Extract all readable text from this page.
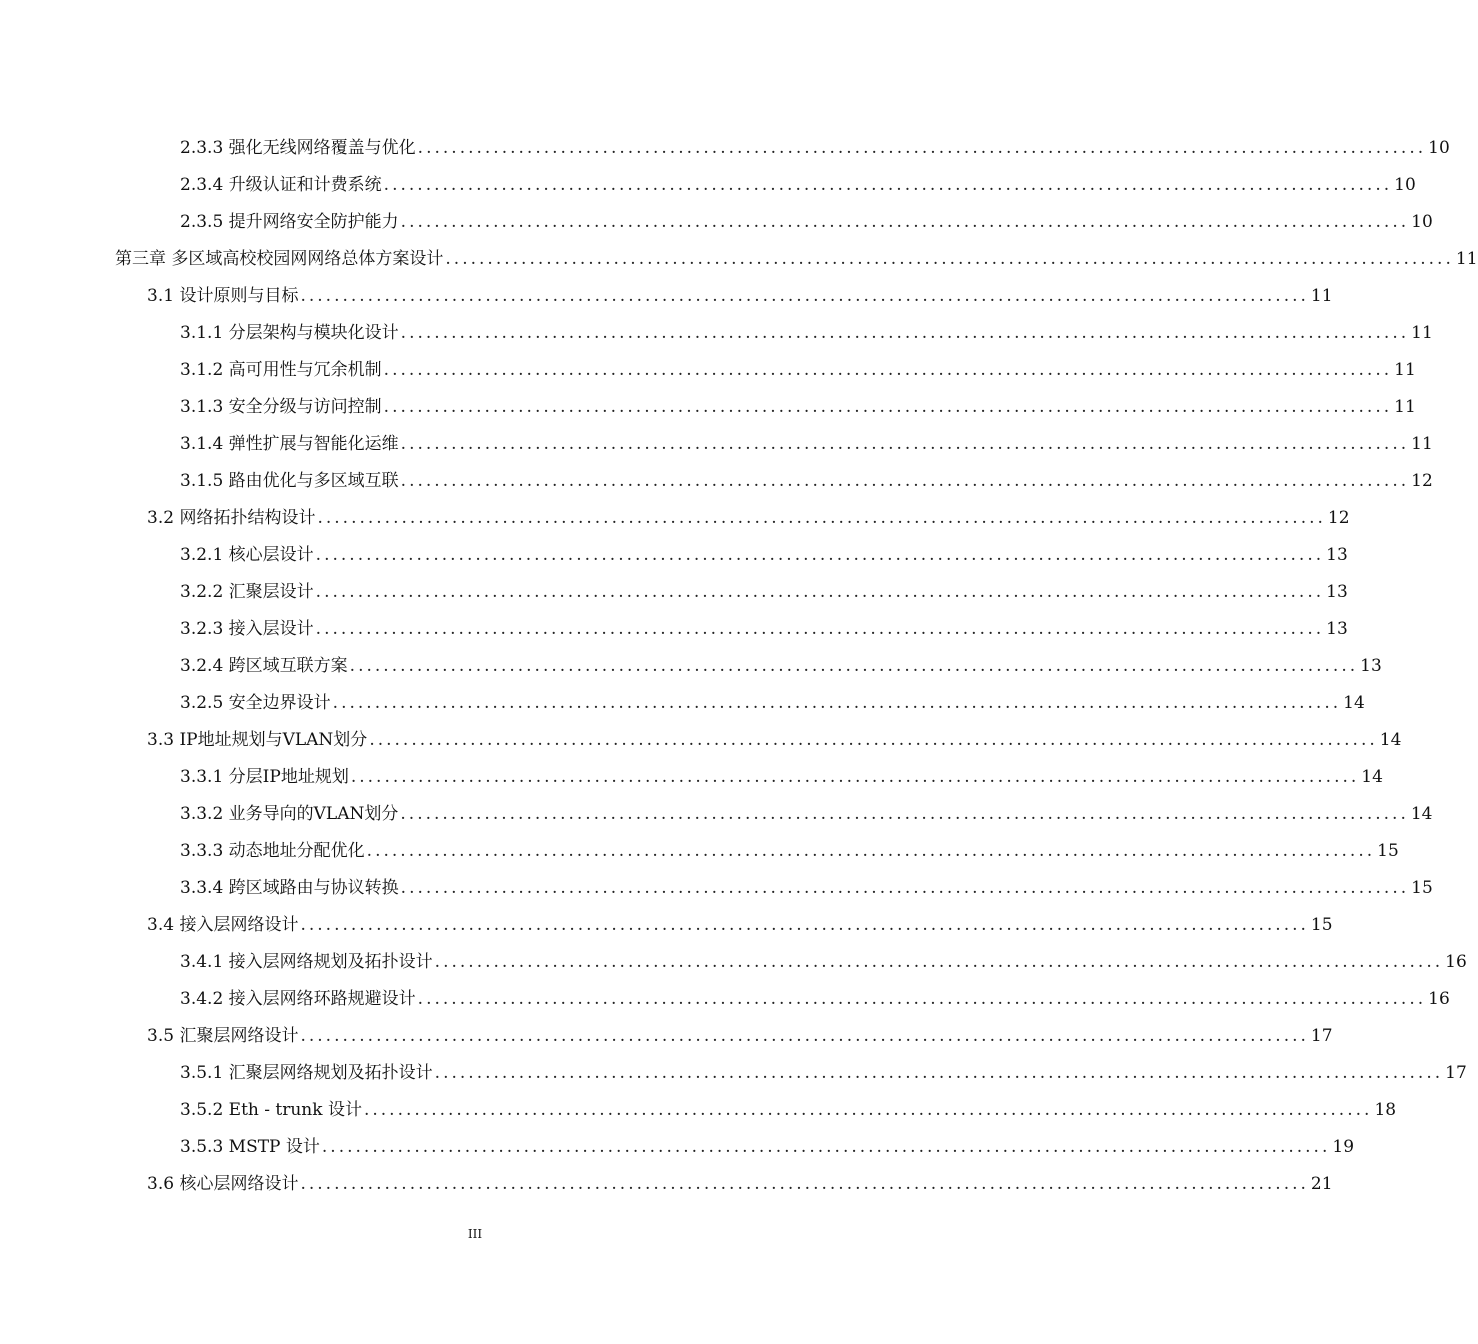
2.3.3 强化无线网络覆盖与优化 ........................................................................................................................ 10
2.3.4 升级认证和计费系统 ........................................................................................................................ 10
2.3.5 提升网络安全防护能力 ........................................................................................................................ 10
第三章 多区域高校校园网网络总体方案设计 ........................................................................................................................ 11
3.1 设计原则与目标 ........................................................................................................................ 11
3.1.1 分层架构与模块化设计 ........................................................................................................................ 11
3.1.2 高可用性与冗余机制 ........................................................................................................................ 11
3.1.3 安全分级与访问控制 ........................................................................................................................ 11
3.1.4 弹性扩展与智能化运维 ........................................................................................................................ 11
3.1.5 路由优化与多区域互联 ........................................................................................................................ 12
3.2 网络拓扑结构设计 ........................................................................................................................ 12
3.2.1 核心层设计 ........................................................................................................................ 13
3.2.2 汇聚层设计 ........................................................................................................................ 13
3.2.3 接入层设计 ........................................................................................................................ 13
3.2.4 跨区域互联方案 ........................................................................................................................ 13
3.2.5 安全边界设计 ........................................................................................................................ 14
3.3 IP地址规划与VLAN划分 ........................................................................................................................ 14
3.3.1 分层IP地址规划 ........................................................................................................................ 14
3.3.2 业务导向的VLAN划分 ........................................................................................................................ 14
3.3.3 动态地址分配优化 ........................................................................................................................ 15
3.3.4 跨区域路由与协议转换 ........................................................................................................................ 15
3.4 接入层网络设计 ........................................................................................................................ 15
3.4.1 接入层网络规划及拓扑设计 ........................................................................................................................ 16
3.4.2 接入层网络环路规避设计 ........................................................................................................................ 16
3.5 汇聚层网络设计 ........................................................................................................................ 17
3.5.1 汇聚层网络规划及拓扑设计 ........................................................................................................................ 17
3.5.2 Eth - trunk 设计 ........................................................................................................................ 18
3.5.3 MSTP 设计 ........................................................................................................................ 19
3.6 核心层网络设计 ........................................................................................................................ 21
III
